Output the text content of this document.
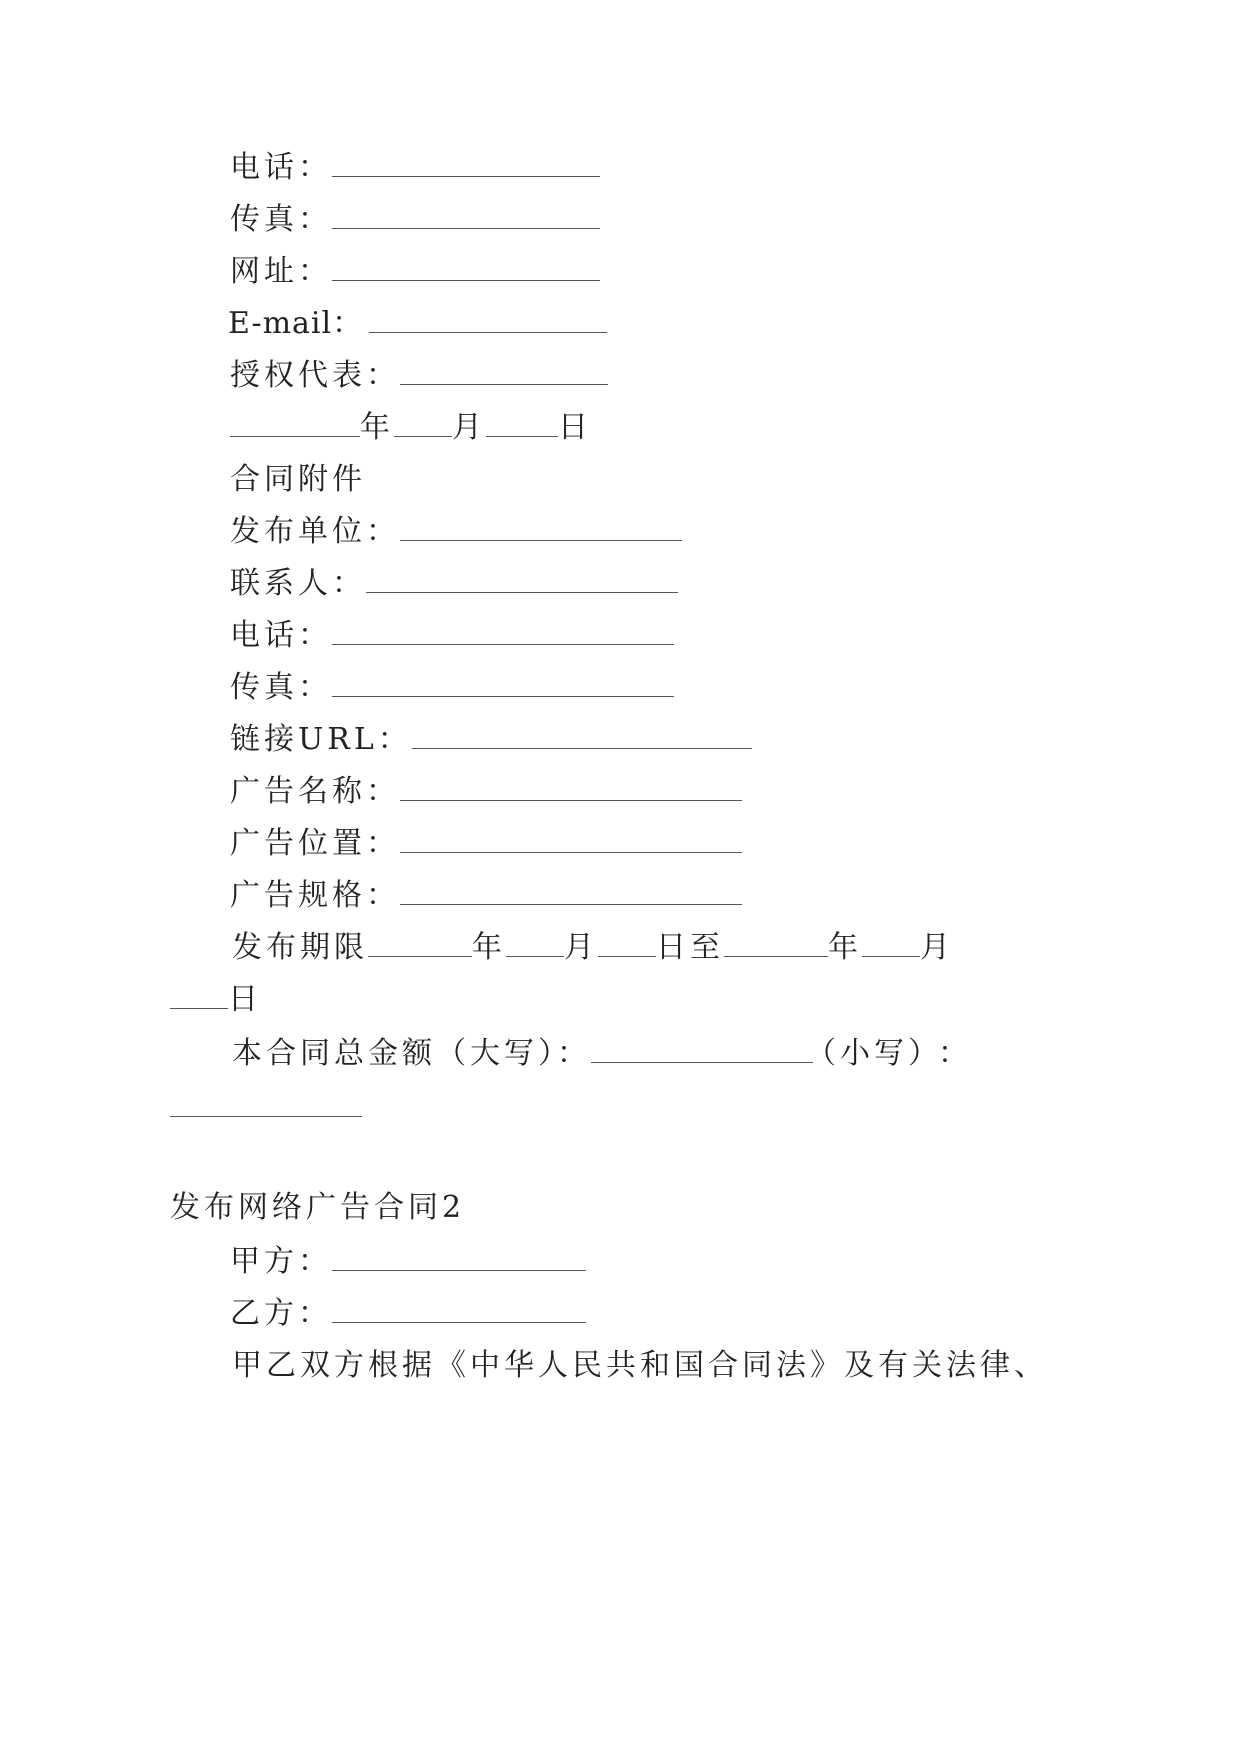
电话：
传真：
网址：
E-mail：
授权代表：
年 月 日
合同附件
发布单位：
联系人：
电话：
传真：
链接URL：
广告名称：
广告位置：
广告规格：
发布期限	年 月 日至	年 月
日
本合同总金额（大写）：	（小写）
：
发布网络广告合同2
甲方：
乙方：
甲乙双方根据《中华人民共和国合同法》及有关法律、
